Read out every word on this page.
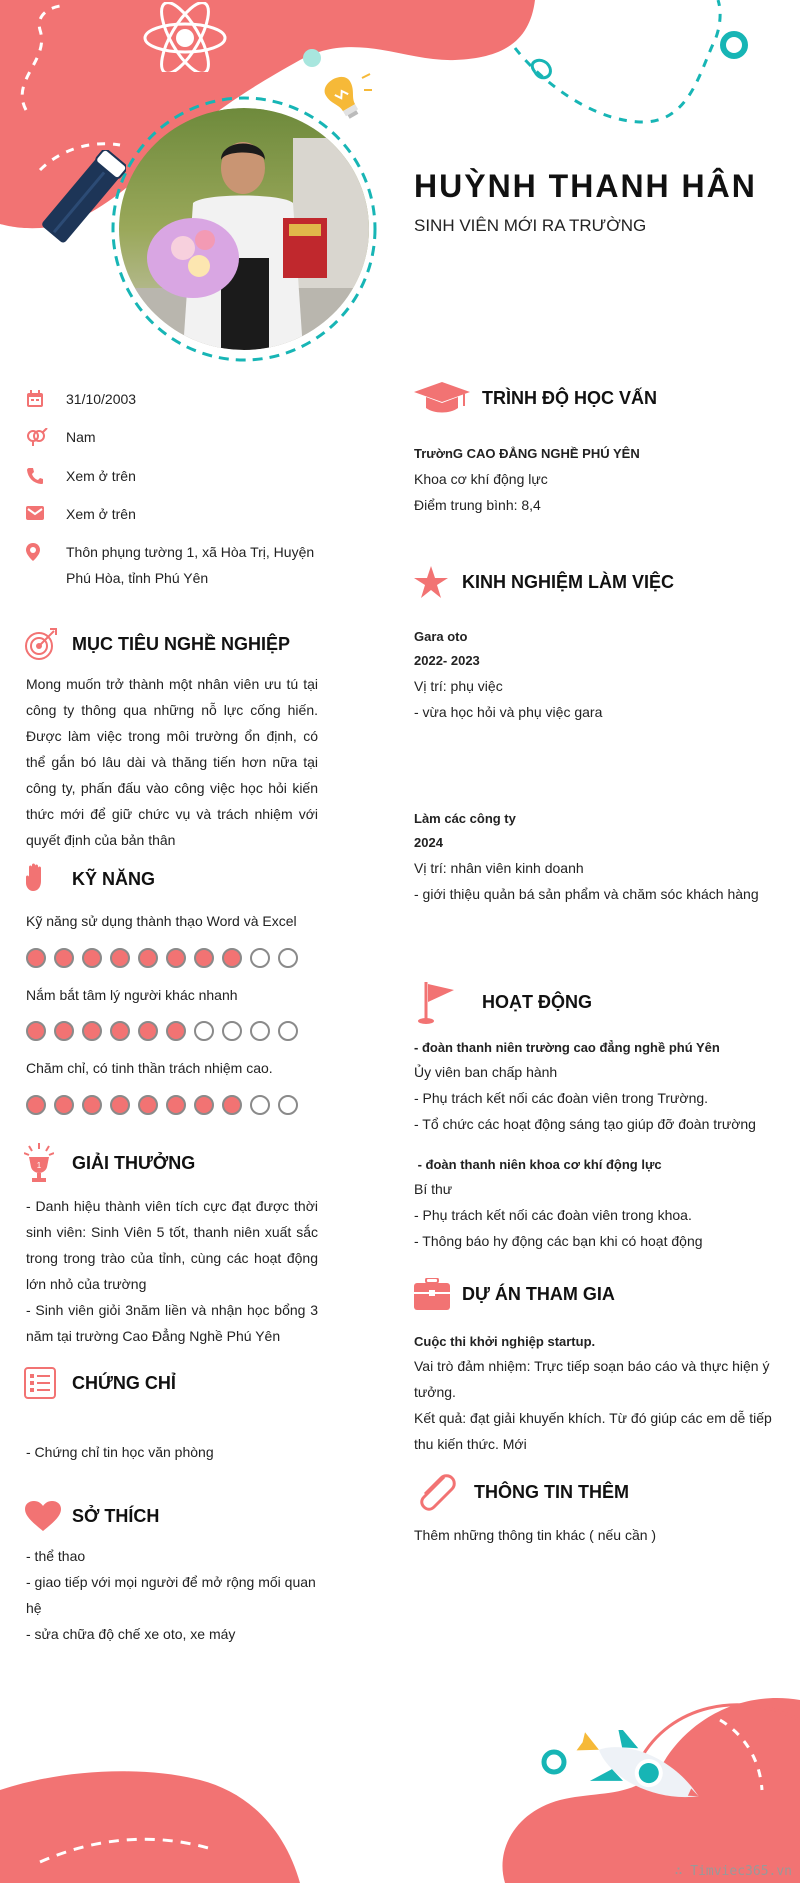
HUỲNH THANH HÂN
SINH VIÊN MỚI RA TRƯỜNG
31/10/2003
Nam
Xem ở trên
Xem ở trên
Thôn phụng tường 1, xã Hòa Trị, Huyện Phú Hòa, tỉnh Phú Yên
MỤC TIÊU NGHỀ NGHIỆP
Mong muốn trở thành một nhân viên ưu tú tại công ty thông qua những nỗ lực cống hiến. Được làm việc trong môi trường ổn định, có thể gắn bó lâu dài và thăng tiến hơn nữa tại công ty, phấn đấu vào công việc học hỏi kiến thức mới để giữ chức vụ và trách nhiệm với quyết định của bản thân
KỸ NĂNG
Kỹ năng sử dụng thành thạo Word và Excel
Nắm bắt tâm lý người khác nhanh
Chăm chỉ, có tinh thần trách nhiệm cao.
1 GIẢI THƯỞNG
- Danh hiệu thành viên tích cực đạt được thời sinh viên: Sinh Viên 5 tốt, thanh niên xuất sắc trong trong trào của tỉnh, cùng các hoạt động lớn nhỏ của trường
- Sinh viên giỏi 3năm liền và nhận học bổng 3 năm tại trường Cao Đẳng Nghề Phú Yên
CHỨNG CHỈ
- Chứng chỉ tin học văn phòng
SỞ THÍCH
- thể thao
- giao tiếp với mọi người để mở rộng mối quan hệ
- sửa chữa độ chế xe oto, xe máy
TRÌNH ĐỘ HỌC VẤN
TrườnG CAO ĐẲNG NGHỀ PHÚ YÊN
Khoa cơ khí động lực
Điểm trung bình: 8,4
KINH NGHIỆM LÀM VIỆC
Gara oto
2022- 2023
Vị trí: phụ việc
- vừa học hỏi và phụ việc gara
Làm các công ty
2024
Vị trí: nhân viên kinh doanh
- giới thiệu quản bá sản phẩm và chăm sóc khách hàng
HOẠT ĐỘNG
- đoàn thanh niên trường cao đẳng nghề phú Yên
Ủy viên ban chấp hành
- Phụ trách kết nối các đoàn viên trong Trường.
- Tổ chức các hoạt động sáng tạo giúp đỡ đoàn trường
- đoàn thanh niên khoa cơ khí động lực
Bí thư
- Phụ trách kết nối các đoàn viên trong khoa.
- Thông báo hy động các bạn khi có hoạt động
DỰ ÁN THAM GIA
Cuộc thi khởi nghiệp startup.
Vai trò đảm nhiệm: Trực tiếp soạn báo cáo và thực hiện ý tưởng.
Kết quả: đạt giải khuyến khích. Từ đó giúp các em dễ tiếp thu kiến thức. Mới
THÔNG TIN THÊM
Thêm những thông tin khác ( nếu cần )
∴ Timviec365.vn
